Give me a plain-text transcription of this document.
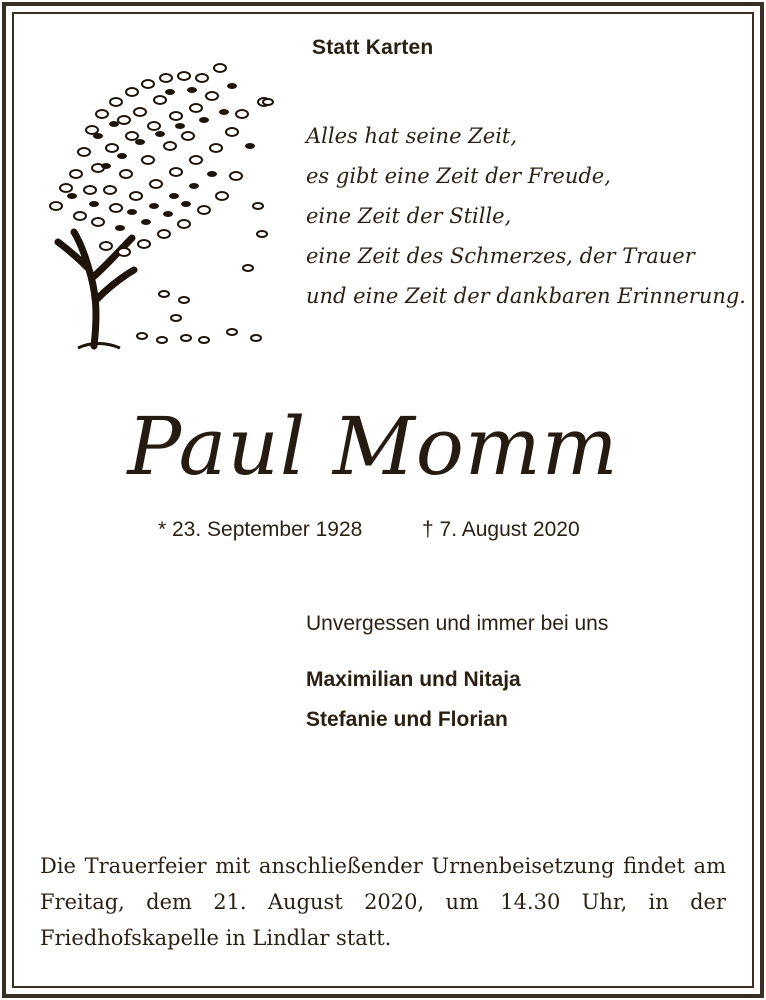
Statt Karten
Alles hat seine Zeit,
es gibt eine Zeit der Freude,
eine Zeit der Stille,
eine Zeit des Schmerzes, der Trauer
und eine Zeit der dankbaren Erinnerung.
Paul Momm
* 23. September 1928	† 7. August 2020
Unvergessen und immer bei uns
Maximilian und Nitaja
Stefanie und Florian
Die Trauerfeier mit anschließender Urnenbeisetzung findet am Freitag, dem 21. August 2020, um 14.30 Uhr, in der Friedhofskapelle in Lindlar statt.
